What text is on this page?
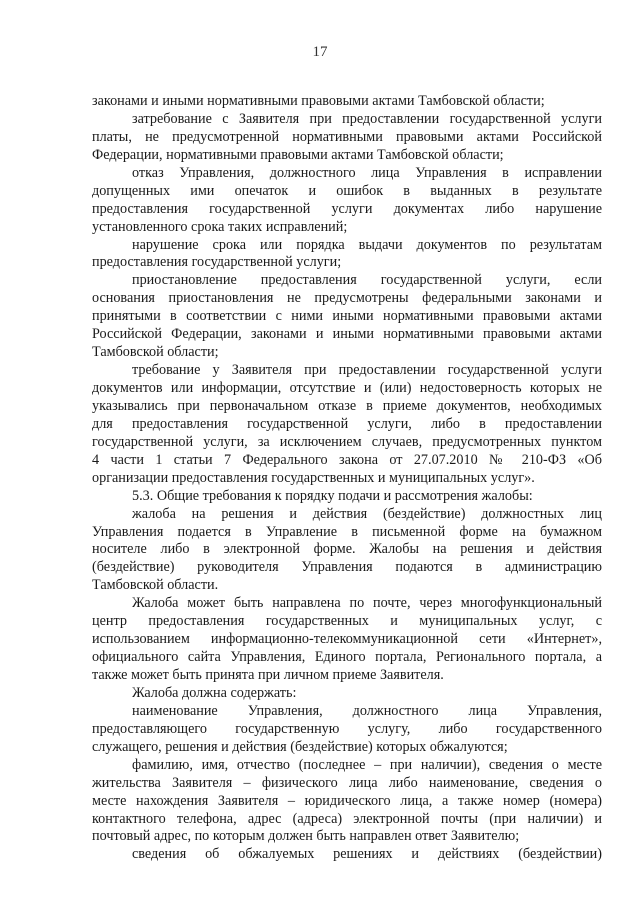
17
законами и иными нормативными правовыми актами Тамбовской области;
затребование с Заявителя при предоставлении государственной услуги
платы, не предусмотренной нормативными правовыми актами Российской
Федерации, нормативными правовыми актами Тамбовской области;
отказ Управления, должностного лица Управления в исправлении
допущенных ими опечаток и ошибок в выданных в результате
предоставления государственной услуги документах либо нарушение
установленного срока таких исправлений;
нарушение срока или порядка выдачи документов по результатам
предоставления государственной услуги;
приостановление предоставления государственной услуги, если
основания приостановления не предусмотрены федеральными законами и
принятыми в соответствии с ними иными нормативными правовыми актами
Российской Федерации, законами и иными нормативными правовыми актами
Тамбовской области;
требование у Заявителя при предоставлении государственной услуги
документов или информации, отсутствие и (или) недостоверность которых не
указывались при первоначальном отказе в приеме документов, необходимых
для предоставления государственной услуги, либо в предоставлении
государственной услуги, за исключением случаев, предусмотренных пунктом
4 части 1 статьи 7 Федерального закона от 27.07.2010 № 210-ФЗ «Об
организации предоставления государственных и муниципальных услуг».
5.3. Общие требования к порядку подачи и рассмотрения жалобы:
жалоба на решения и действия (бездействие) должностных лиц
Управления подается в Управление в письменной форме на бумажном
носителе либо в электронной форме. Жалобы на решения и действия
(бездействие) руководителя Управления подаются в администрацию
Тамбовской области.
Жалоба может быть направлена по почте, через многофункциональный
центр предоставления государственных и муниципальных услуг, с
использованием информационно-телекоммуникационной сети «Интернет»,
официального сайта Управления, Единого портала, Регионального портала, а
также может быть принята при личном приеме Заявителя.
Жалоба должна содержать:
наименование Управления, должностного лица Управления,
предоставляющего государственную услугу, либо государственного
служащего, решения и действия (бездействие) которых обжалуются;
фамилию, имя, отчество (последнее – при наличии), сведения о месте
жительства Заявителя – физического лица либо наименование, сведения о
месте нахождения Заявителя – юридического лица, а также номер (номера)
контактного телефона, адрес (адреса) электронной почты (при наличии) и
почтовый адрес, по которым должен быть направлен ответ Заявителю;
сведения об обжалуемых решениях и действиях (бездействии)
